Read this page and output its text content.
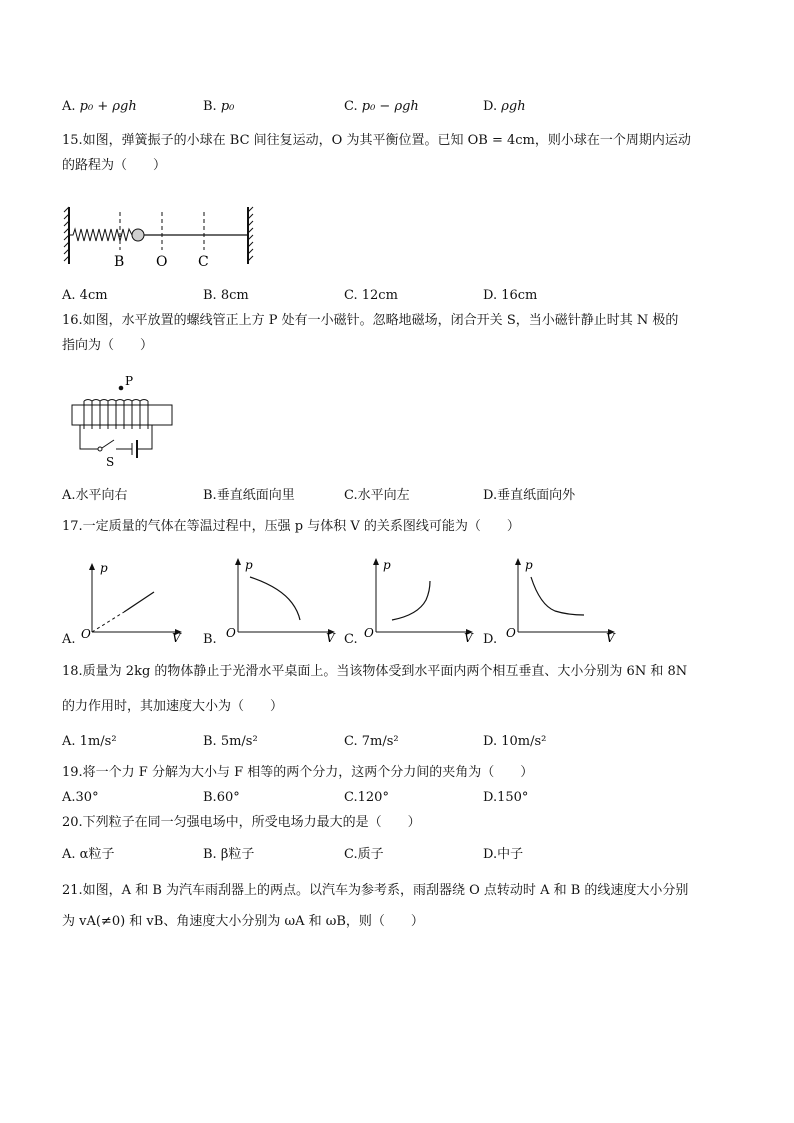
A. p₀ + ρgh	B. p₀	C. p₀ − ρgh	D. ρgh
15.如图，弹簧振子的小球在 BC 间往复运动，O 为其平衡位置。已知 OB = 4cm，则小球在一个周期内运动
的路程为（　　）
B O C
A. 4cm	B. 8cm	C. 12cm	D. 16cm
16.如图，水平放置的螺线管正上方 P 处有一小磁针。忽略地磁场，闭合开关 S，当小磁针静止时其 N 极的
指向为（　　）
P
S
A.水平向右	B.垂直纸面向里	C.水平向左	D.垂直纸面向外
17.一定质量的气体在等温过程中，压强 p 与体积 V 的关系图线可能为（　　）
A.
p
V
O	B.
p
V
O	C.
p
V
O	D.
p
V
O
18.质量为 2kg 的物体静止于光滑水平桌面上。当该物体受到水平面内两个相互垂直、大小分别为 6N 和 8N
的力作用时，其加速度大小为（　　）
A. 1m/s²	B. 5m/s²	C. 7m/s²	D. 10m/s²
19.将一个力 F 分解为大小与 F 相等的两个分力，这两个分力间的夹角为（　　）
A.30°	B.60°	C.120°	D.150°
20.下列粒子在同一匀强电场中，所受电场力最大的是（　　）
A. α粒子	B. β粒子	C.质子	D.中子
21.如图，A 和 B 为汽车雨刮器上的两点。以汽车为参考系，雨刮器绕 O 点转动时 A 和 B 的线速度大小分别
为 vA(≠0) 和 vB、角速度大小分别为 ωA 和 ωB，则（　　）
